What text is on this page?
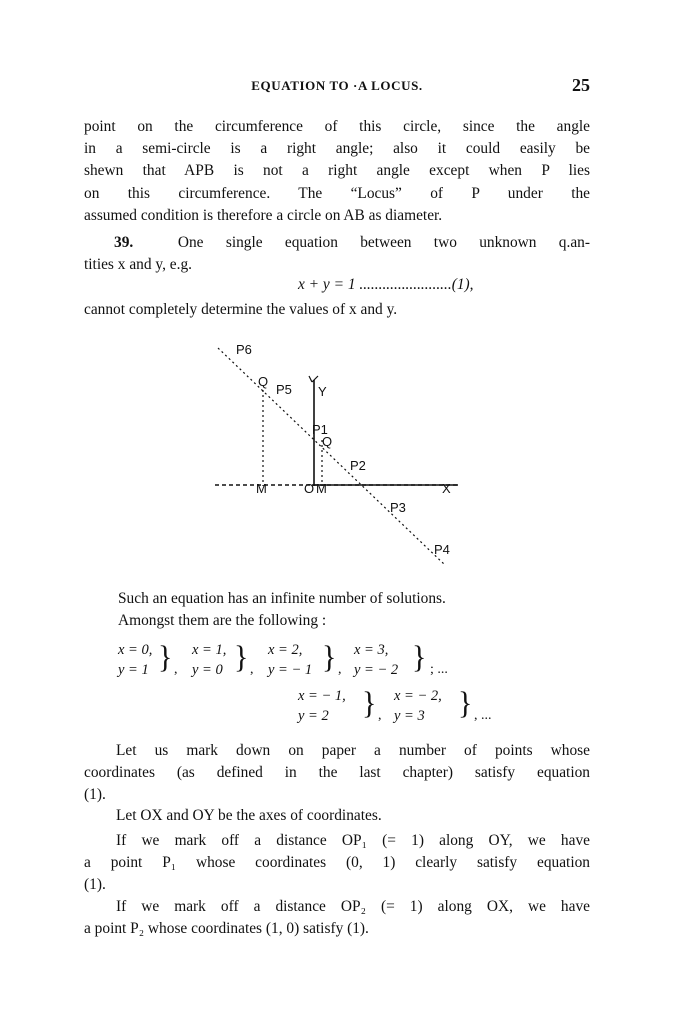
EQUATION TO ·A LOCUS.	25
point on the circumference of this circle, since the angle
in a semi-circle is a right angle; also it could easily be
shewn that APB is not a right angle except when P lies
on this circumference. The “Locus” of P under the
assumed condition is therefore a circle on AB as diameter.
39.	One single equation between two unknown q.an-
tities x and y, e.g.
x + y = 1 ........................(1),
cannot completely determine the values of x and y.
P6
Q
P5 Y
P1
Q
P2
M	O M	X
P3
P4
Such an equation has an infinite number of solutions.
Amongst them are the following :
x = 0,
y = 1 } ,
x = 1,
y = 0 } ,
x = 2,
y = − 1 } ,
x = 3,
y = − 2 } ; ...
x = − 1,
y = 2 } ,
x = − 2,
y = 3 } , ...
Let us mark down on paper a number of points whose
coordinates (as defined in the last chapter) satisfy equation
(1).
Let OX and OY be the axes of coordinates.
If we mark off a distance OP₁ (= 1) along OY, we have
a point P₁ whose coordinates (0, 1) clearly satisfy equation
(1).
If we mark off a distance OP₂ (= 1) along OX, we have
a point P₂ whose coordinates (1, 0) satisfy (1).
